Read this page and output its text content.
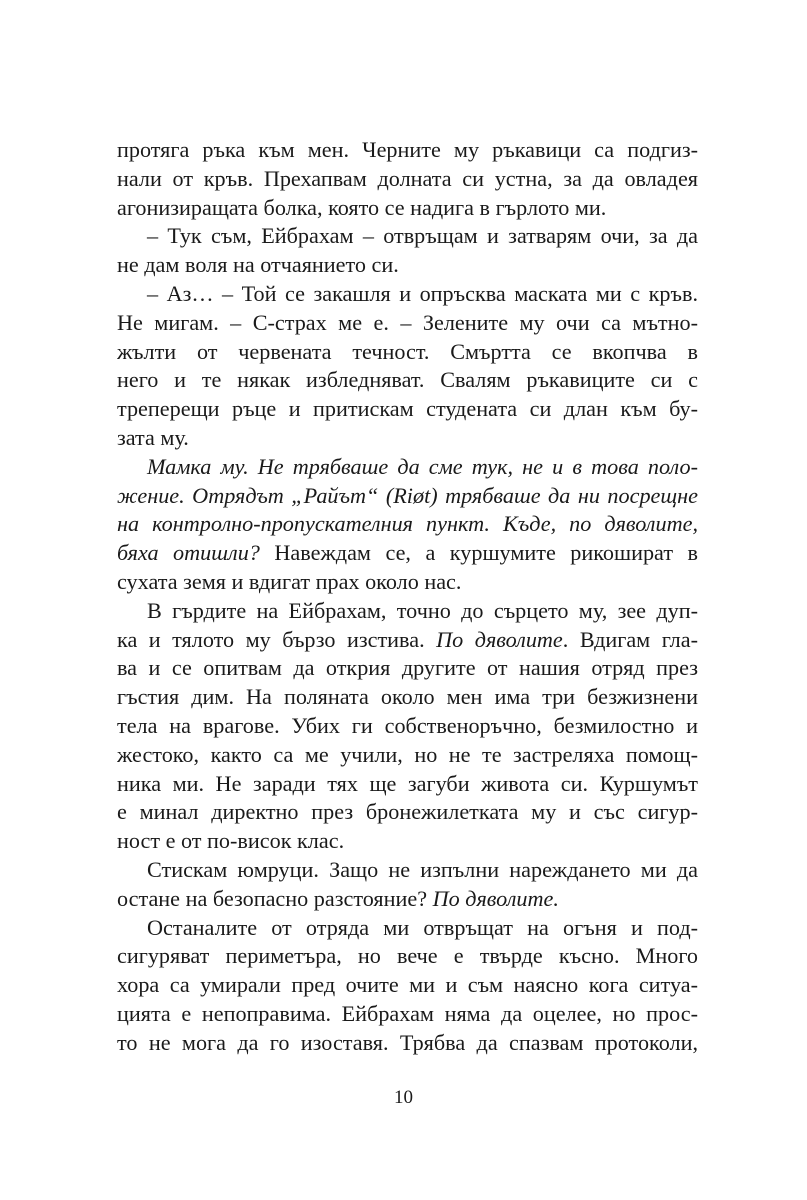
протяга ръка към мен. Черните му ръкавици са подгиз-
нали от кръв. Прехапвам долната си устна, за да овладея
агонизиращата болка, която се надига в гърлото ми.
– Тук съм, Ейбрахам – отвръщам и затварям очи, за да
не дам воля на отчаянието си.
– Аз… – Той се закашля и опръсква маската ми с кръв.
Не мигам. – С-страх ме е. – Зелените му очи са мътно-
жълти от червената течност. Смъртта се вкопчва в
него и те някак избледняват. Свалям ръкавиците си с
треперещи ръце и притискам студената си длан към бу-
зата му.
Мамка му. Не трябваше да сме тук, не и в това поло-
жение. Отрядът „Райът“ (Riøt) трябваше да ни посрещне
на контролно-пропускателния пункт. Къде, по дяволите,
бяха отишли? Навеждам се, а куршумите рикошират в
сухата земя и вдигат прах около нас.
В гърдите на Ейбрахам, точно до сърцето му, зее дуп-
ка и тялото му бързо изстива. По дяволите. Вдигам гла-
ва и се опитвам да открия другите от нашия отряд през
гъстия дим. На поляната около мен има три безжизнени
тела на врагове. Убих ги собственоръчно, безмилостно и
жестоко, както са ме учили, но не те застреляха помощ-
ника ми. Не заради тях ще загуби живота си. Куршумът
е минал директно през бронежилетката му и със сигур-
ност е от по-висок клас.
Стискам юмруци. Защо не изпълни нареждането ми да
остане на безопасно разстояние? По дяволите.
Останалите от отряда ми отвръщат на огъня и под-
сигуряват периметъра, но вече е твърде късно. Много
хора са умирали пред очите ми и съм наясно кога ситуа-
цията е непоправима. Ейбрахам няма да оцелее, но прос-
то не мога да го изоставя. Трябва да спазвам протоколи,
10
